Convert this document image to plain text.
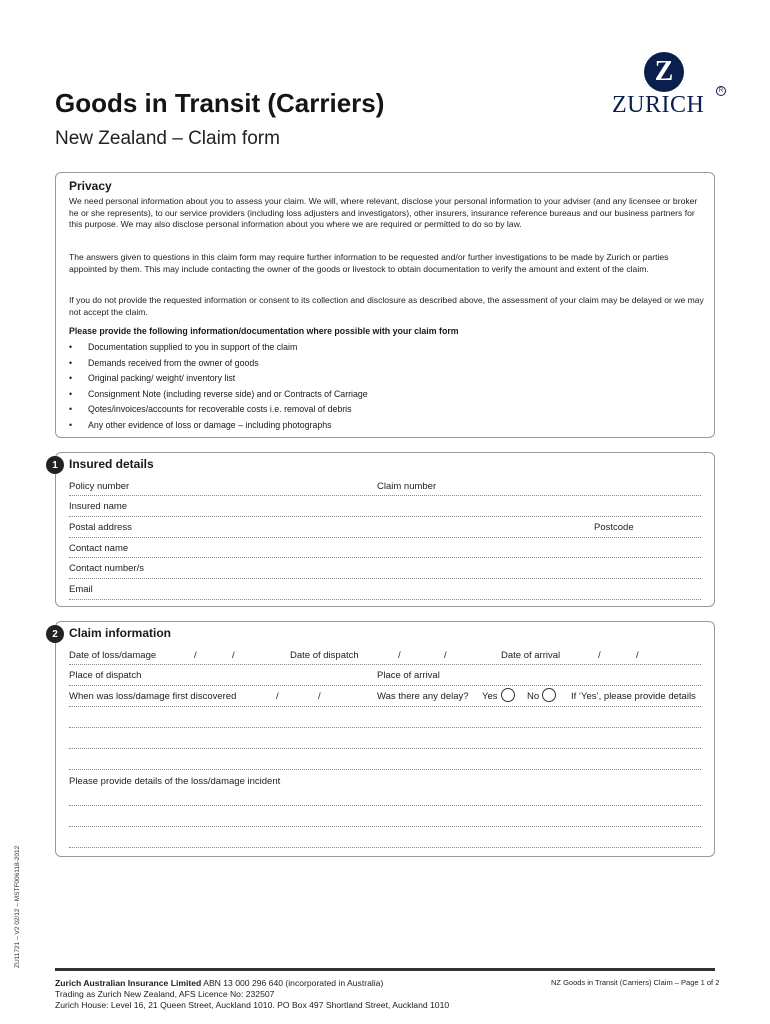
Goods in Transit (Carriers)
New Zealand – Claim form
Z
ZURICH
R
Privacy
We need personal information about you to assess your claim. We will, where relevant, disclose your personal information to your adviser (and any licensee or broker he or she represents), to our service providers (including loss adjusters and investigators), other insurers, insurance reference bureaus and our business partners for this purpose. We may also disclose personal information about you where we are required or permitted to do so by law.
The answers given to questions in this claim form may require further information to be requested and/or further investigations to be made by Zurich or parties appointed by them. This may include contacting the owner of the goods or livestock to obtain documentation to verify the amount and extent of the claim.
If you do not provide the requested information or consent to its collection and disclosure as described above, the assessment of your claim may be delayed or we may not accept the claim.
Please provide the following information/documentation where possible with your claim form
•	Documentation supplied to you in support of the claim
•	Demands received from the owner of goods
•	Original packing/ weight/ inventory list
•	Consignment Note (including reverse side) and or Contracts of Carriage
•	Qotes/invoices/accounts for recoverable costs i.e. removal of debris
•	Any other evidence of loss or damage – including photographs
1 Insured details
Policy number	Claim number
Insured name
Postal address	Postcode
Contact name
Contact number/s
Email
2 Claim information
Date of loss/damage	/	/	Date of dispatch	/	/	Date of arrival	/	/
Place of dispatch	Place of arrival
When was loss/damage first discovered	/	/	Was there any delay? Yes	No	If ‘Yes’, please provide details
Please provide details of the loss/damage incident
ZU11721 – V2 02/12 – MSTF006118-2012
Zurich Australian Insurance Limited ABN 13 000 296 640 (incorporated in Australia)
Trading as Zurich New Zealand, AFS Licence No: 232507
Zurich House: Level 16, 21 Queen Street, Auckland 1010. PO Box 497 Shortland Street, Auckland 1010
NZ Goods in Transit (Carriers) Claim – Page 1 of 2
